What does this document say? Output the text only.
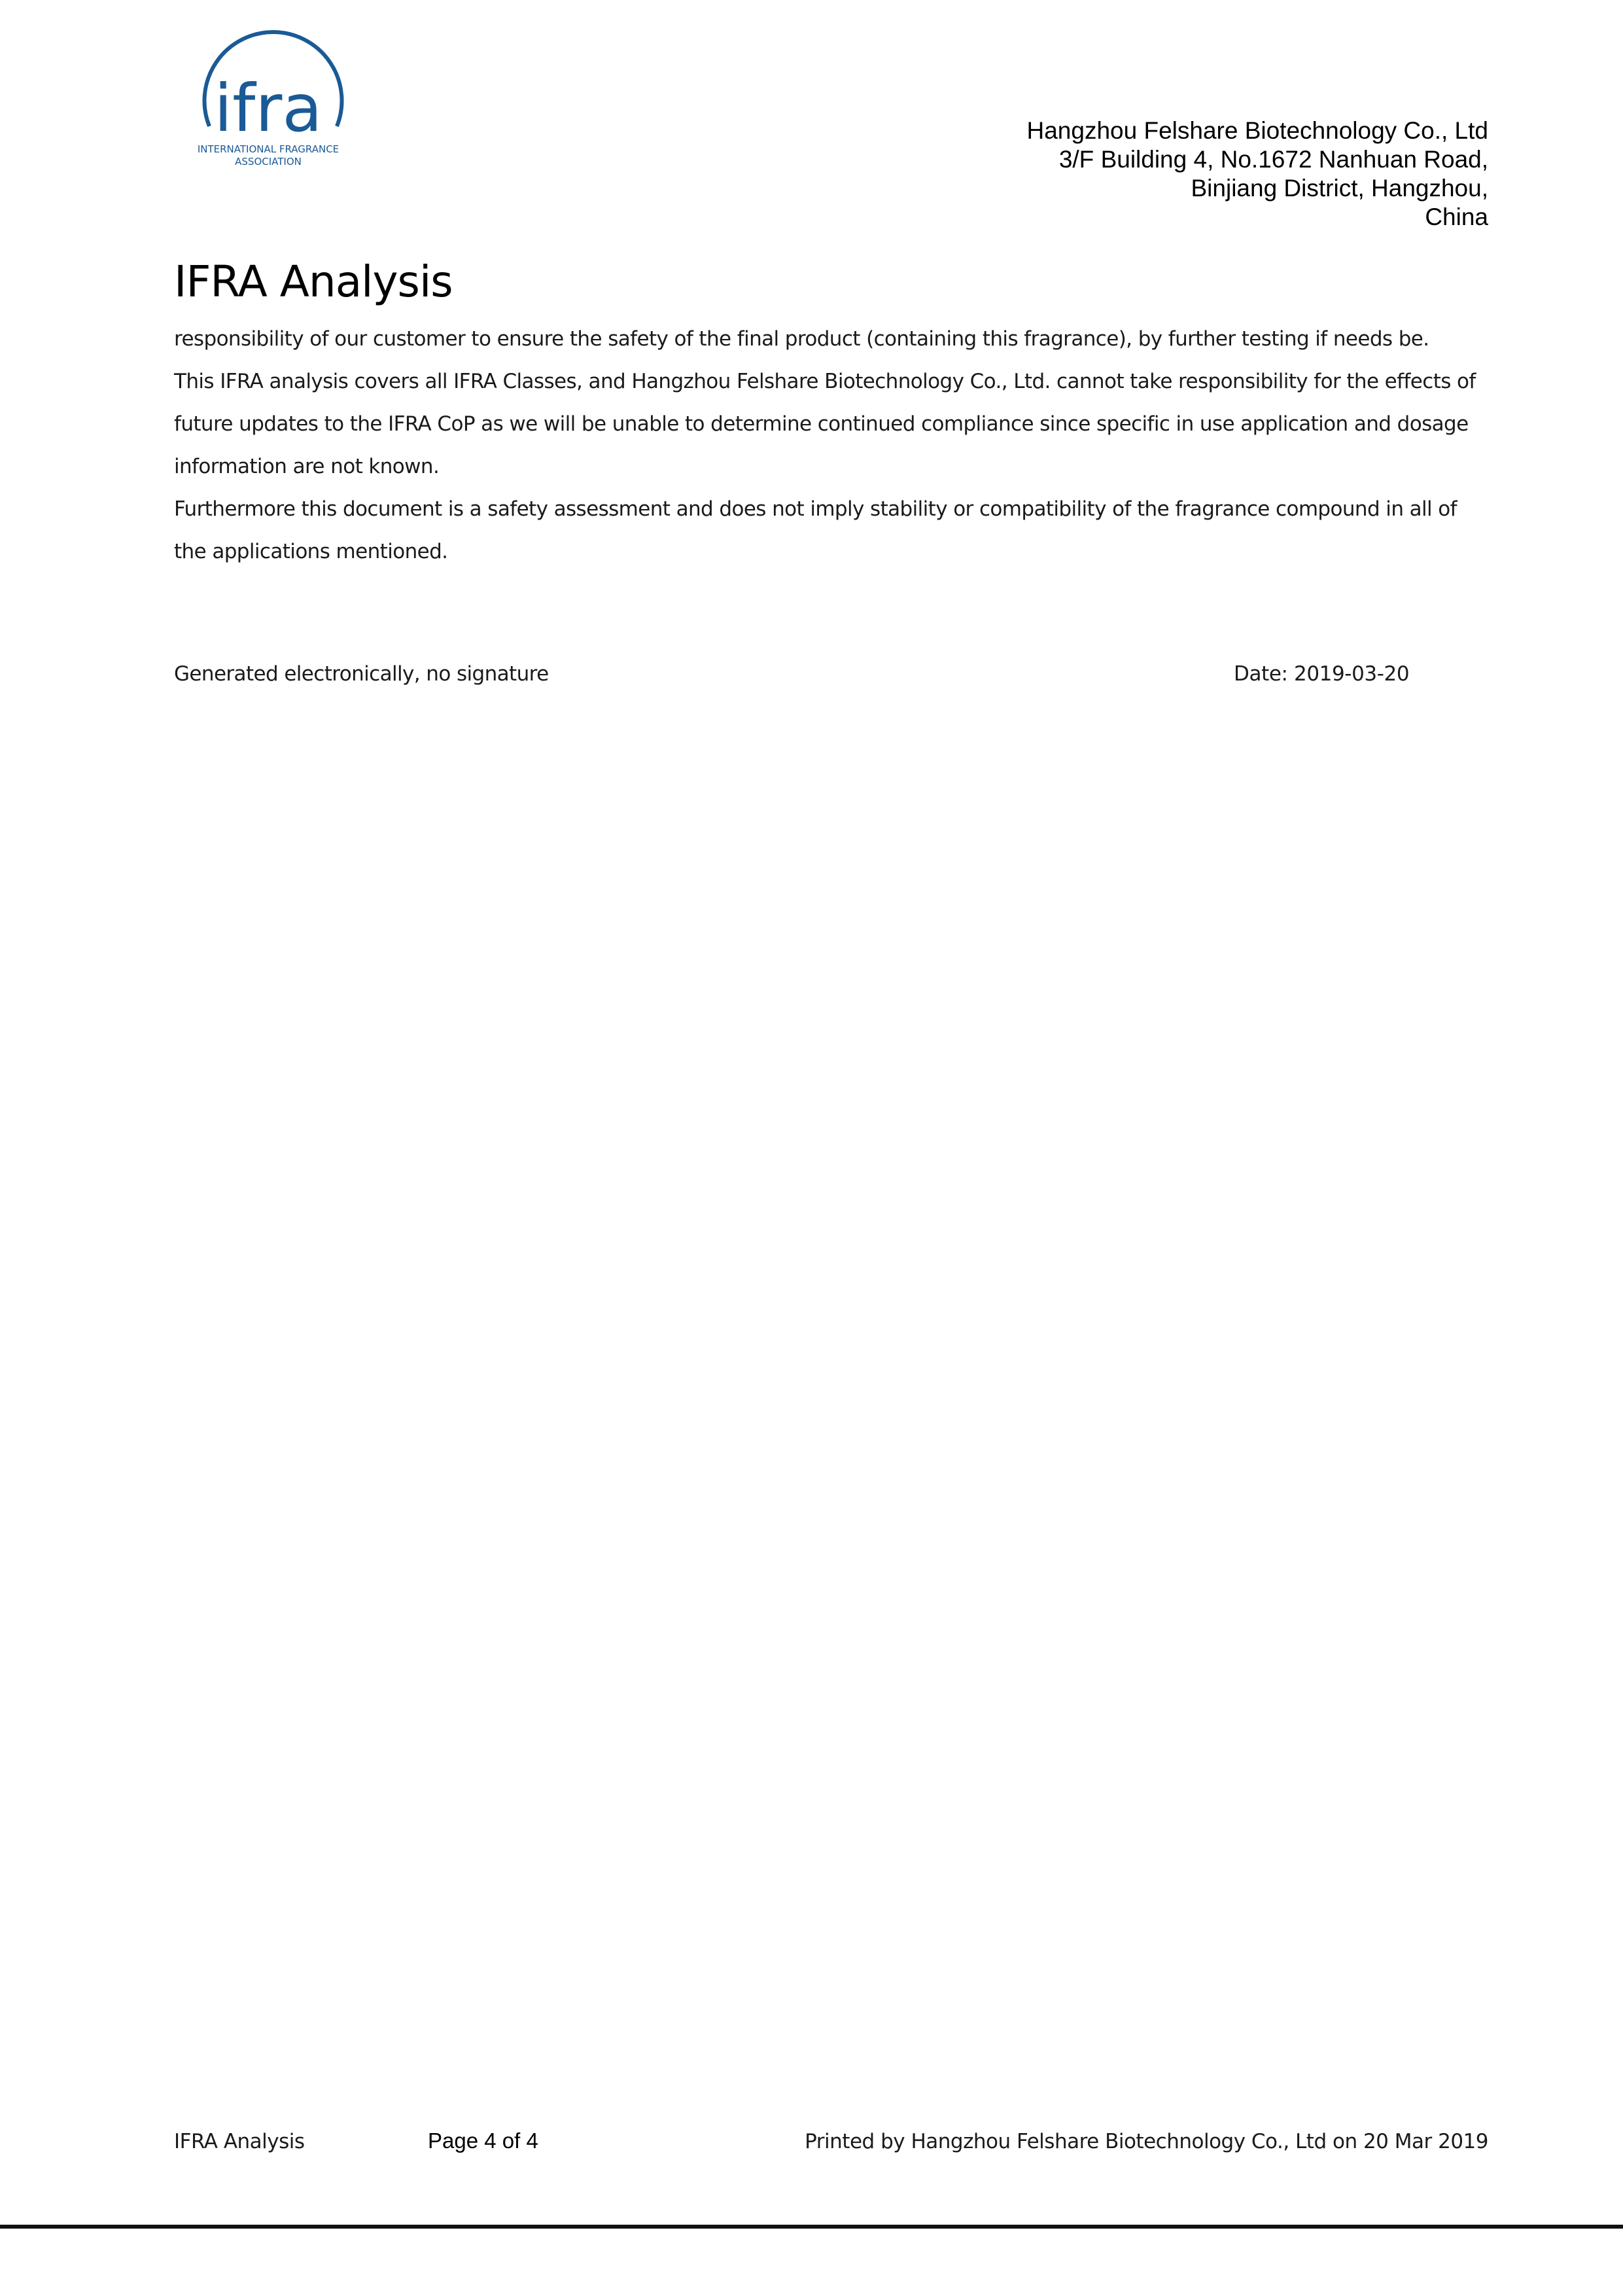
ifra
INTERNATIONAL FRAGRANCE
ASSOCIATION
Hangzhou Felshare Biotechnology Co., Ltd
3/F Building 4, No.1672 Nanhuan Road,
Binjiang District, Hangzhou,
China
IFRA Analysis

responsibility of our customer to ensure the safety of the final product (containing this fragrance), by further testing if needs be.

This IFRA analysis covers all IFRA Classes, and Hangzhou Felshare Biotechnology Co., Ltd. cannot take responsibility for the effects of

future updates to the IFRA CoP as we will be unable to determine continued compliance since specific in use application and dosage

information are not known.

Furthermore this document is a safety assessment and does not imply stability or compatibility of the fragrance compound in all of

the applications mentioned.

Generated electronically, no signature	Date: 2019-03-20
IFRA Analysis	Page 4 of 4	Printed by Hangzhou Felshare Biotechnology Co., Ltd on 20 Mar 2019
